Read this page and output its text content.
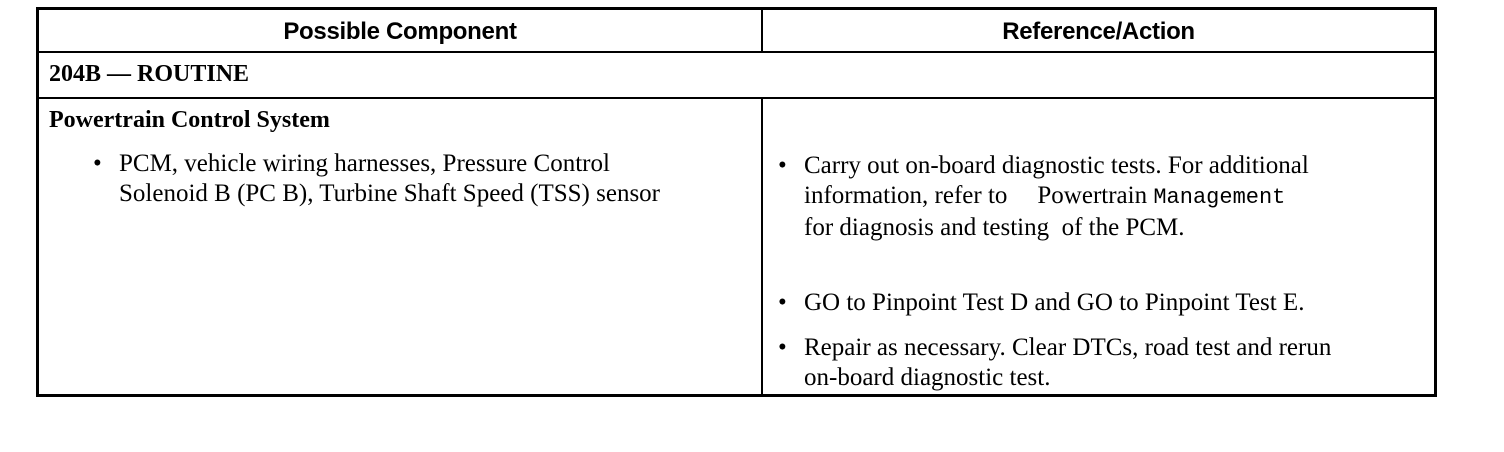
Possible Component	Reference/Action
204B — ROUTINE
Powertrain Control System
• PCM, vehicle wiring harnesses, Pressure Control
Solenoid B (PC B), Turbine Shaft Speed (TSS) sensor
• Carry out on-board diagnostic tests. For additional
information, refer to Powertrain Management
for diagnosis and testing of the PCM.
• GO to Pinpoint Test D and GO to Pinpoint Test E.
• Repair as necessary. Clear DTCs, road test and rerun
on-board diagnostic test.
